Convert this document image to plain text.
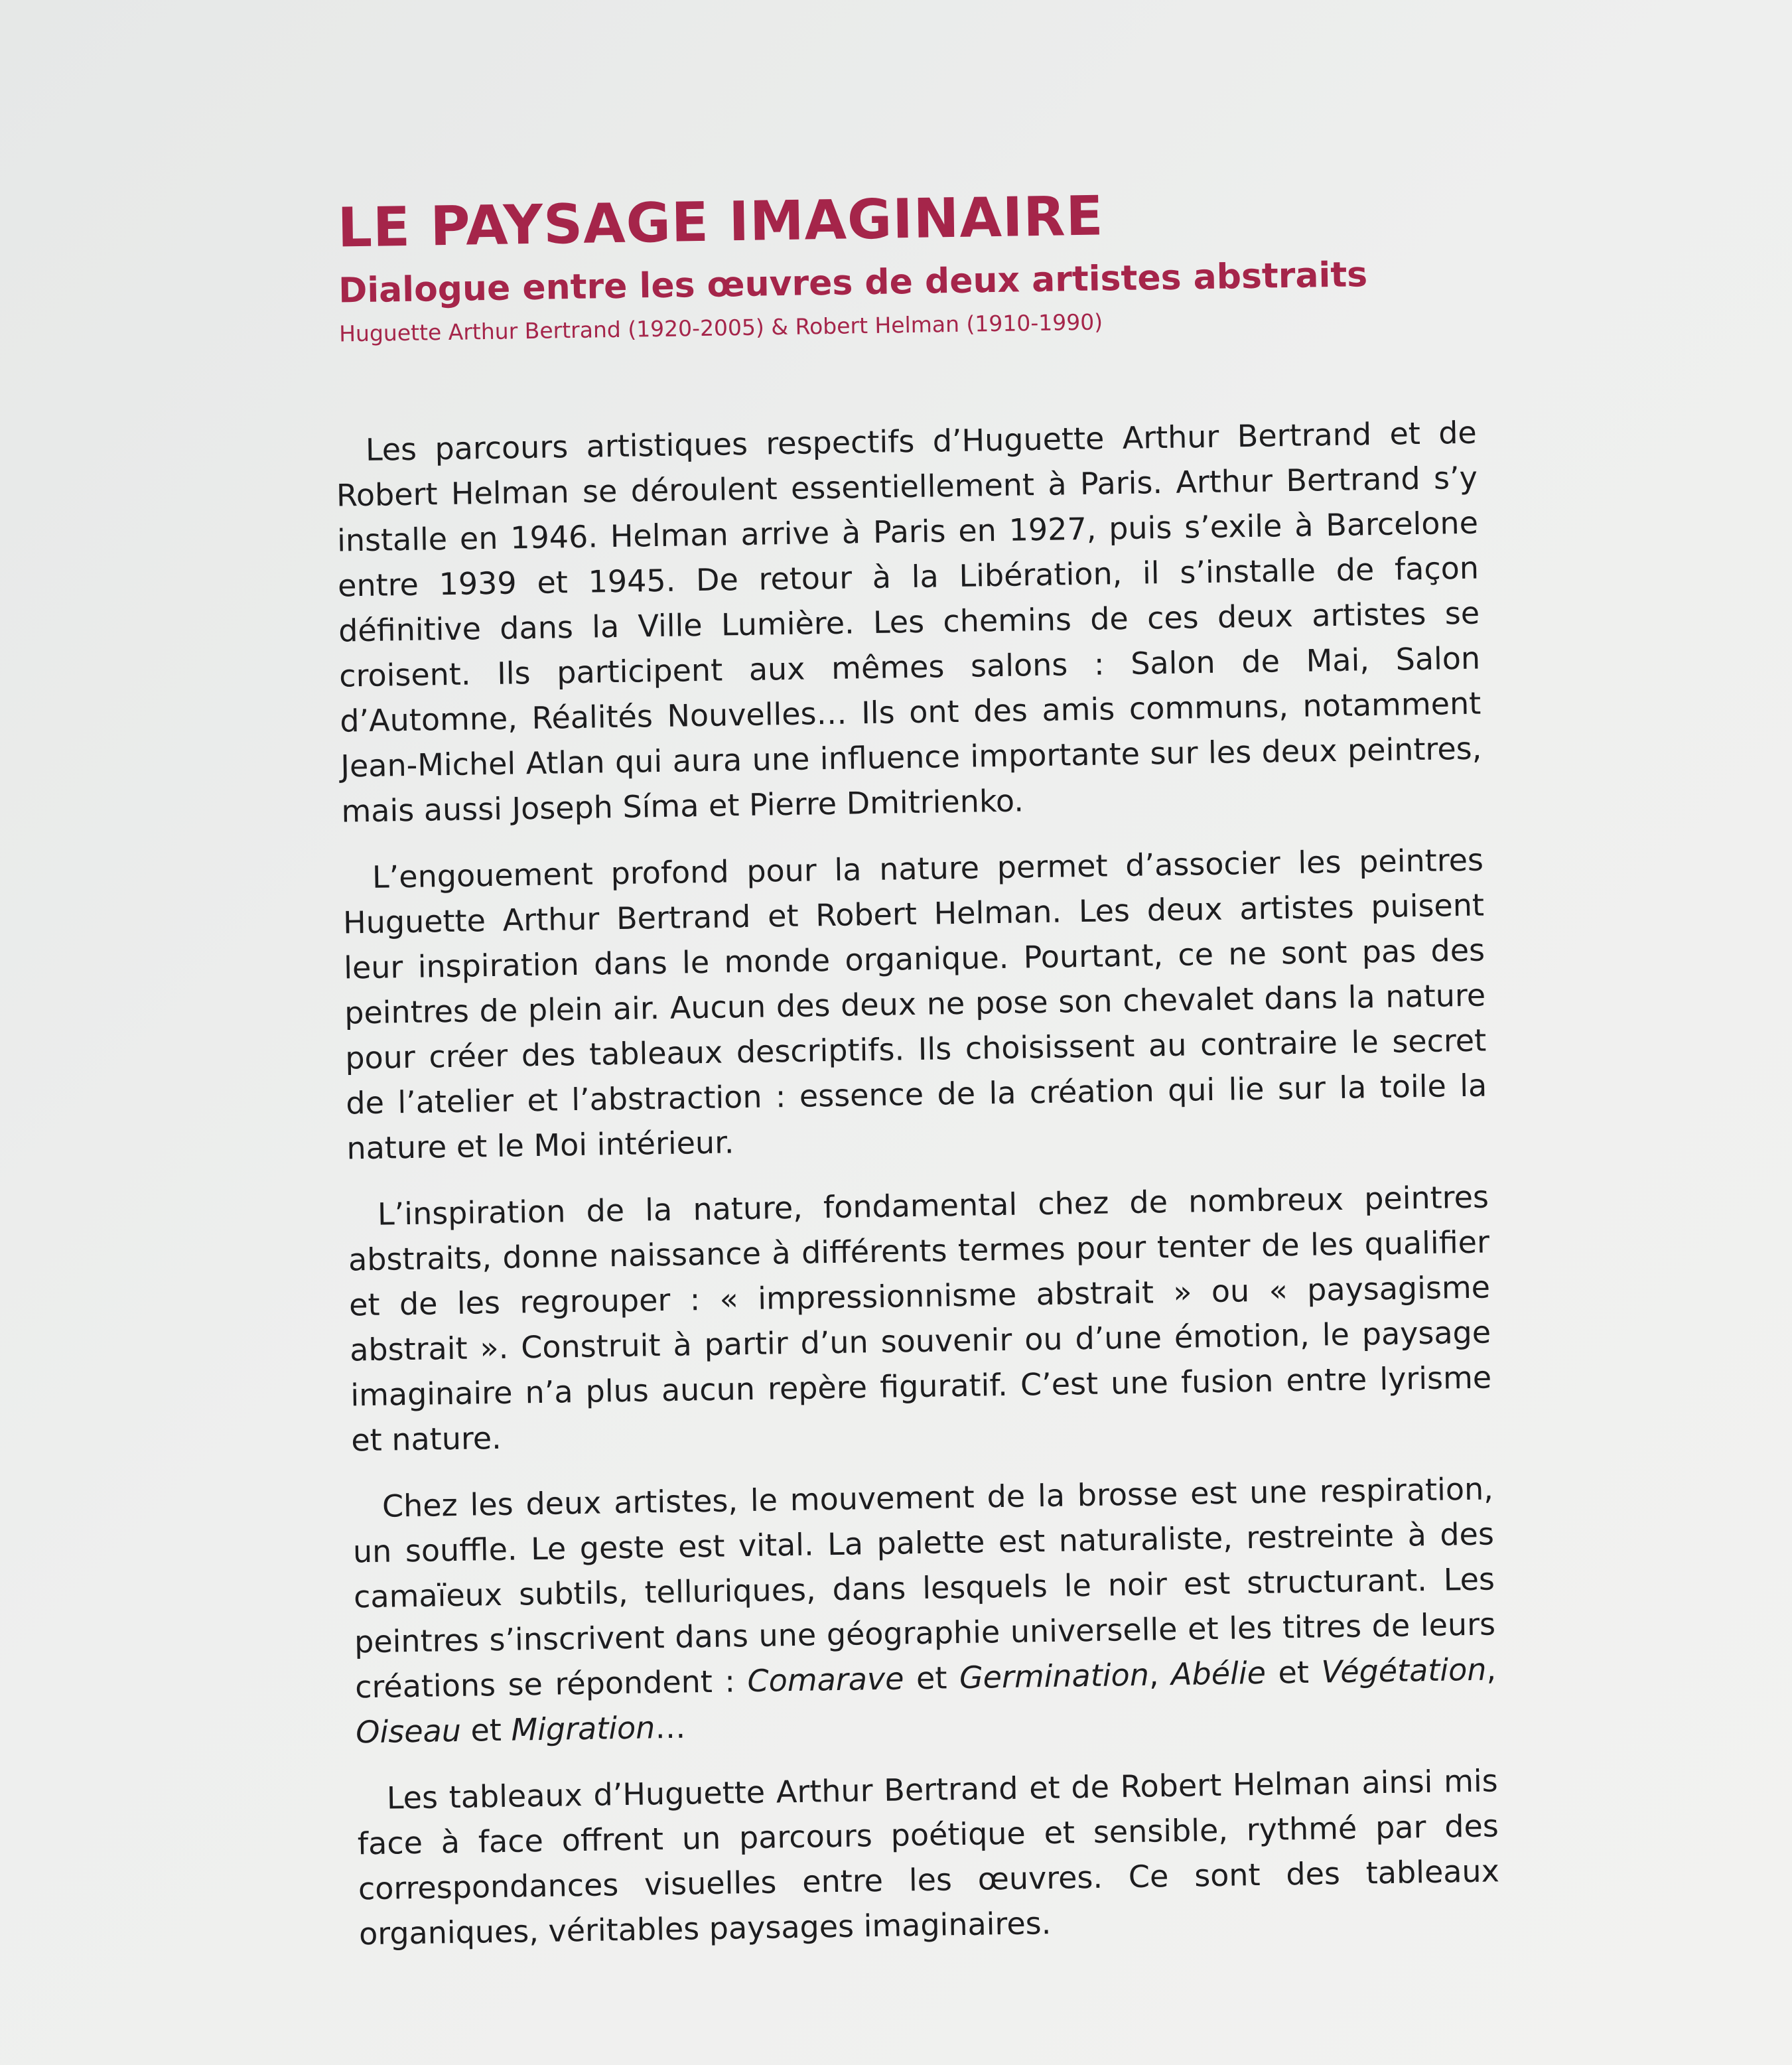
LE PAYSAGE IMAGINAIRE
Dialogue entre les œuvres de deux artistes abstraits
Huguette Arthur Bertrand (1920-2005) & Robert Helman (1910-1990)

Les parcours artistiques respectifs d’Huguette Arthur Bertrand et de Robert Helman se déroulent essentiellement à Paris. Arthur Bertrand s’y installe en 1946. Helman arrive à Paris en 1927, puis s’exile à Barcelone entre 1939 et 1945. De retour à la Libération, il s’installe de façon définitive dans la Ville Lumière. Les chemins de ces deux artistes se croisent. Ils participent aux mêmes salons : Salon de Mai, Salon d’Automne, Réalités Nouvelles… Ils ont des amis communs, notamment Jean-Michel Atlan qui aura une influence importante sur les deux peintres, mais aussi Joseph Síma et Pierre Dmitrienko.

L’engouement profond pour la nature permet d’associer les peintres Huguette Arthur Bertrand et Robert Helman. Les deux artistes puisent leur inspiration dans le monde organique. Pourtant, ce ne sont pas des peintres de plein air. Aucun des deux ne pose son chevalet dans la nature pour créer des tableaux descriptifs. Ils choisissent au contraire le secret de l’atelier et l’abstraction : essence de la création qui lie sur la toile la nature et le Moi intérieur.

L’inspiration de la nature, fondamental chez de nombreux peintres abstraits, donne naissance à différents termes pour tenter de les qualifier et de les regrouper : « impressionnisme abstrait » ou « paysagisme abstrait ». Construit à partir d’un souvenir ou d’une émotion, le paysage imaginaire n’a plus aucun repère figuratif. C’est une fusion entre lyrisme et nature.

Chez les deux artistes, le mouvement de la brosse est une respiration, un souffle. Le geste est vital. La palette est naturaliste, restreinte à des camaïeux subtils, telluriques, dans lesquels le noir est structurant. Les peintres s’inscrivent dans une géographie universelle et les titres de leurs créations se répondent : Comarave et Germination, Abélie et Végétation, Oiseau et Migration…

Les tableaux d’Huguette Arthur Bertrand et de Robert Helman ainsi mis face à face offrent un parcours poétique et sensible, rythmé par des correspondances visuelles entre les œuvres. Ce sont des tableaux organiques, véritables paysages imaginaires.
